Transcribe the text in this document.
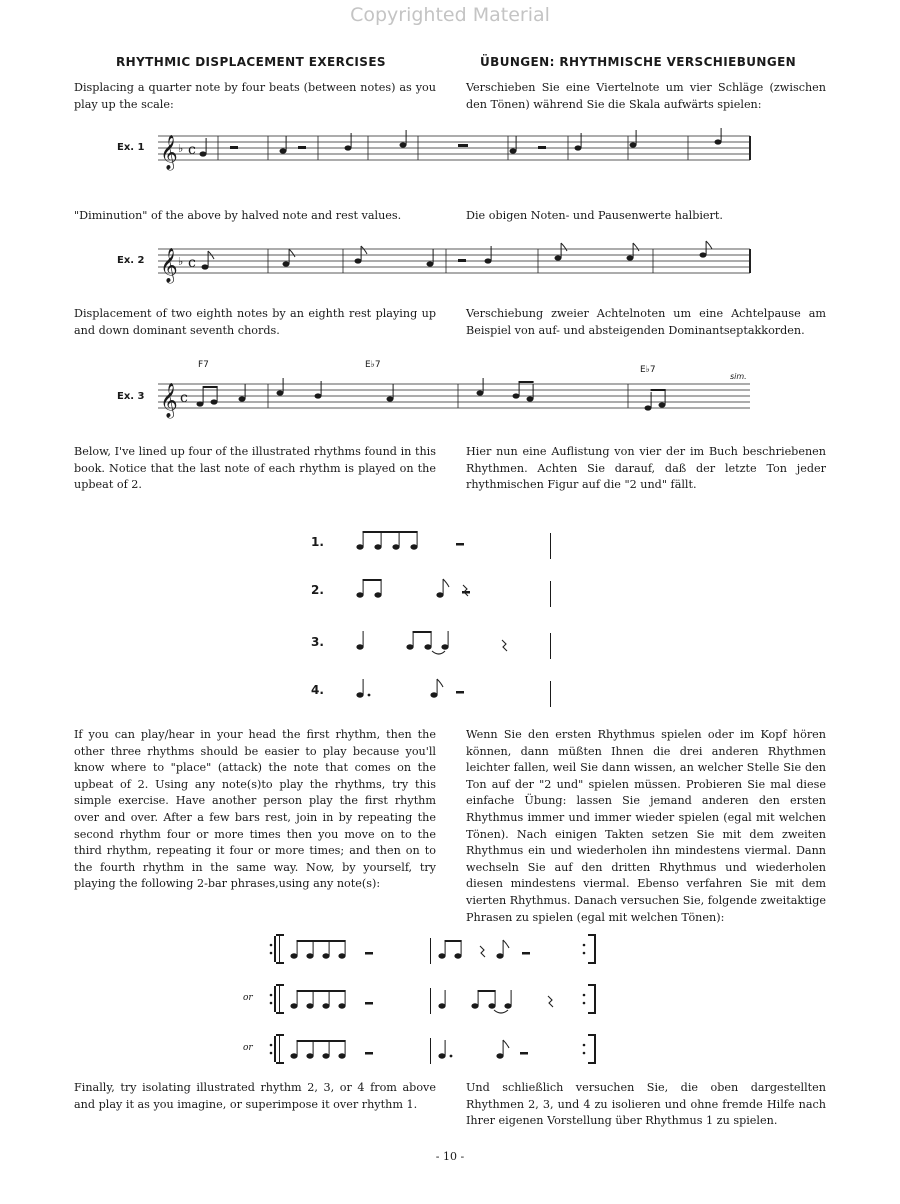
Copyrighted Material
RHYTHMIC DISPLACEMENT EXERCISES	ÜBUNGEN: RHYTHMISCHE VERSCHIEBUNGEN
Displacing a quarter note by four beats (between notes) as you play up the scale:
Verschieben Sie eine Viertelnote um vier Schläge (zwischen den Tönen) während Sie die Skala aufwärts spielen:
Ex. 1 𝄞 ♭ c
"Diminution" of the above by halved note and rest values.	Die obigen Noten- und Pausenwerte halbiert.
Ex. 2 𝄞 ♭ c
Displacement of two eighth notes by an eighth rest playing up and down dominant seventh chords.
Verschiebung zweier Achtelnoten um eine Achtelpause am Beispiel von auf- und absteigenden Dominantseptakkorden.
F7	E♭7	E♭7
sim.
Ex. 3 𝄞 c
Below, I've lined up four of the illustrated rhythms found in this book. Notice that the last note of each rhythm is played on the upbeat of 2.
Hier nun eine Auflistung von vier der im Buch beschriebenen Rhythmen. Achten Sie darauf, daß der letzte Ton jeder rhythmischen Figur auf die "2 und" fällt.
1.
2.
3.
4.
If you can play/hear in your head the first rhythm, then the other three rhythms should be easier to play because you'll know where to "place" (attack) the note that comes on the upbeat of 2. Using any note(s)to play the rhythms, try this simple exercise. Have another person play the first rhythm over and over. After a few bars rest, join in by repeating the second rhythm four or more times then you move on to the third rhythm, repeating it four or more times; and then on to the fourth rhythm in the same way. Now, by yourself, try playing the following 2-bar phrases,using any note(s):
Wenn Sie den ersten Rhythmus spielen oder im Kopf hören können, dann müßten Ihnen die drei anderen Rhythmen leichter fallen, weil Sie dann wissen, an welcher Stelle Sie den Ton auf der "2 und" spielen müssen. Probieren Sie mal diese einfache Übung: lassen Sie jemand anderen den ersten Rhythmus immer und immer wieder spielen (egal mit welchen Tönen). Nach einigen Takten setzen Sie mit dem zweiten Rhythmus ein und wiederholen ihn mindestens viermal. Dann wechseln Sie auf den dritten Rhythmus und wiederholen diesen mindestens viermal. Ebenso verfahren Sie mit dem vierten Rhythmus. Danach versuchen Sie, folgende zweitaktige Phrasen zu spielen (egal mit welchen Tönen):
or
or
Finally, try isolating illustrated rhythm 2, 3, or 4 from above and play it as you imagine, or superimpose it over rhythm 1.
Und schließlich versuchen Sie, die oben dargestellten Rhythmen 2, 3, und 4 zu isolieren und ohne fremde Hilfe nach Ihrer eigenen Vorstellung über Rhythmus 1 zu spielen.
- 10 -
